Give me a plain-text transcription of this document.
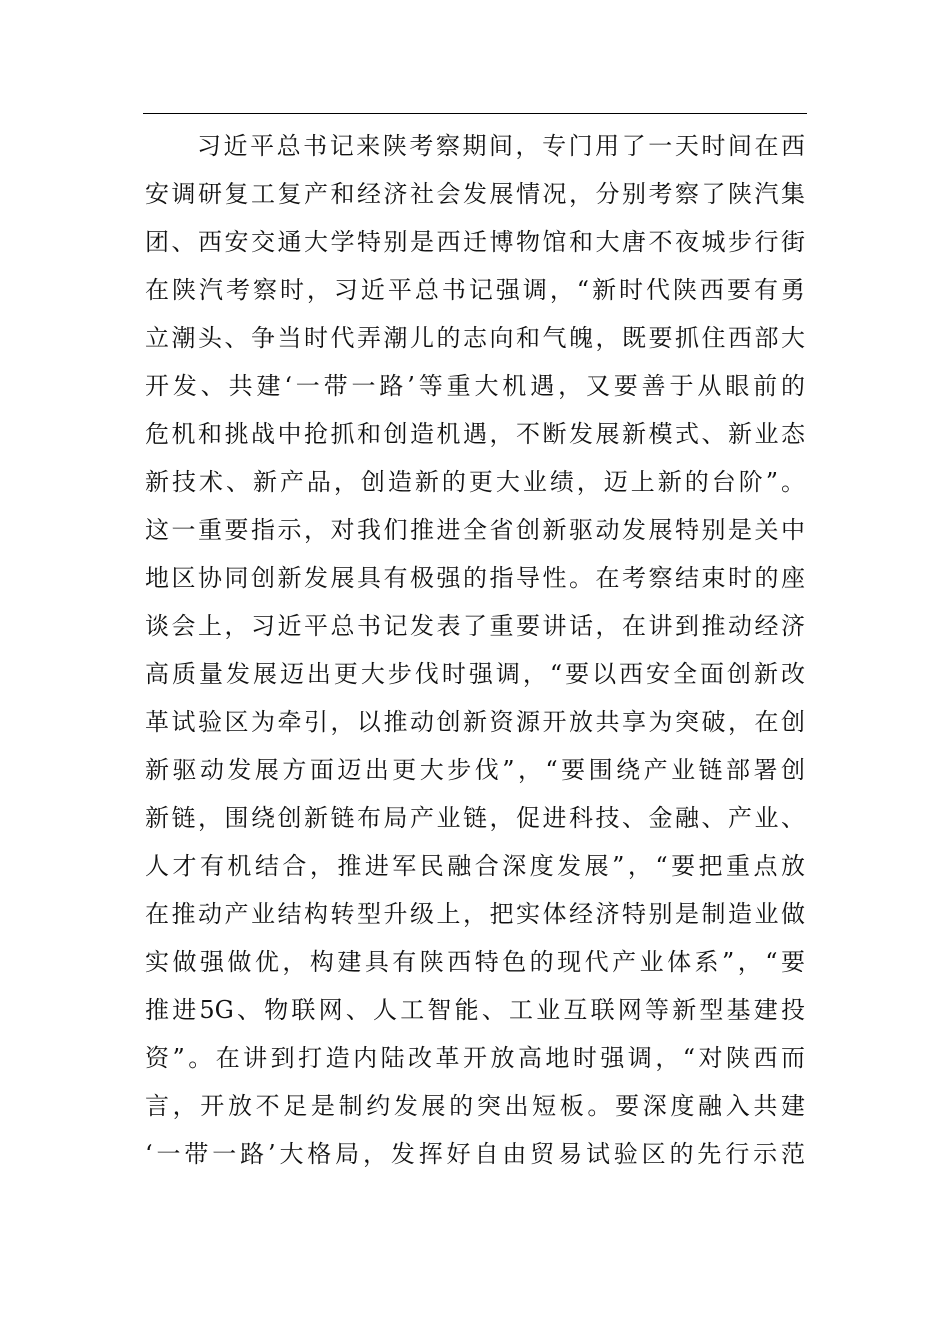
习近平总书记来陕考察期间，专门用了一天时间在西
安调研复工复产和经济社会发展情况，分别考察了陕汽集
团、西安交通大学特别是西迁博物馆和大唐不夜城步行街
在陕汽考察时，习近平总书记强调，“新时代陕西要有勇
立潮头、争当时代弄潮儿的志向和气魄，既要抓住西部大
开发、共建‘一带一路’等重大机遇，又要善于从眼前的
危机和挑战中抢抓和创造机遇，不断发展新模式、新业态
新技术、新产品，创造新的更大业绩，迈上新的台阶”。
这一重要指示，对我们推进全省创新驱动发展特别是关中
地区协同创新发展具有极强的指导性。在考察结束时的座
谈会上，习近平总书记发表了重要讲话，在讲到推动经济
高质量发展迈出更大步伐时强调，“要以西安全面创新改
革试验区为牵引，以推动创新资源开放共享为突破，在创
新驱动发展方面迈出更大步伐”，“要围绕产业链部署创
新链，围绕创新链布局产业链，促进科技、金融、产业、
人才有机结合，推进军民融合深度发展”，“要把重点放
在推动产业结构转型升级上，把实体经济特别是制造业做
实做强做优，构建具有陕西特色的现代产业体系”，“要
推进5G、物联网、人工智能、工业互联网等新型基建投
资”。在讲到打造内陆改革开放高地时强调，“对陕西而
言，开放不足是制约发展的突出短板。要深度融入共建
‘一带一路’大格局，发挥好自由贸易试验区的先行示范
